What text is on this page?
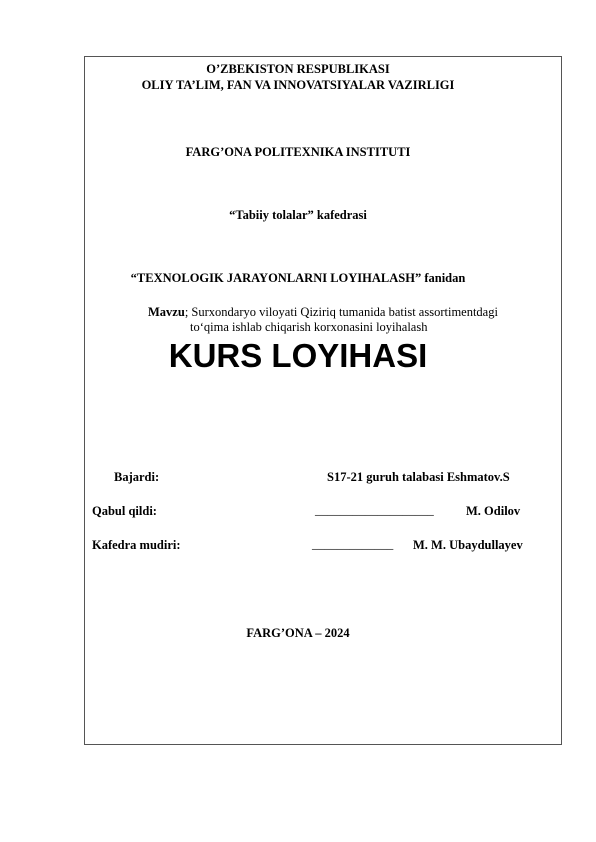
O’ZBEKISTON RESPUBLIKASI
OLIY TA’LIM, FAN VA INNOVATSIYALAR VAZIRLIGI
FARG’ONA POLITEXNIKA INSTITUTI
“Tabiiy tolalar” kafedrasi
“TEXNOLOGIK JARAYONLARNI LOYIHALASH” fanidan
Mavzu; Surxondaryo viloyati Qiziriq tumanida batist assortimentdagi
to‘qima ishlab chiqarish korxonasini loyihalash
KURS LOYIHASI
Bajardi:	S17-21 guruh talabasi Eshmatov.S
Qabul qildi:	___________________	M. Odilov
Kafedra mudiri:	_____________ M. M. Ubaydullayev
FARG’ONA – 2024
